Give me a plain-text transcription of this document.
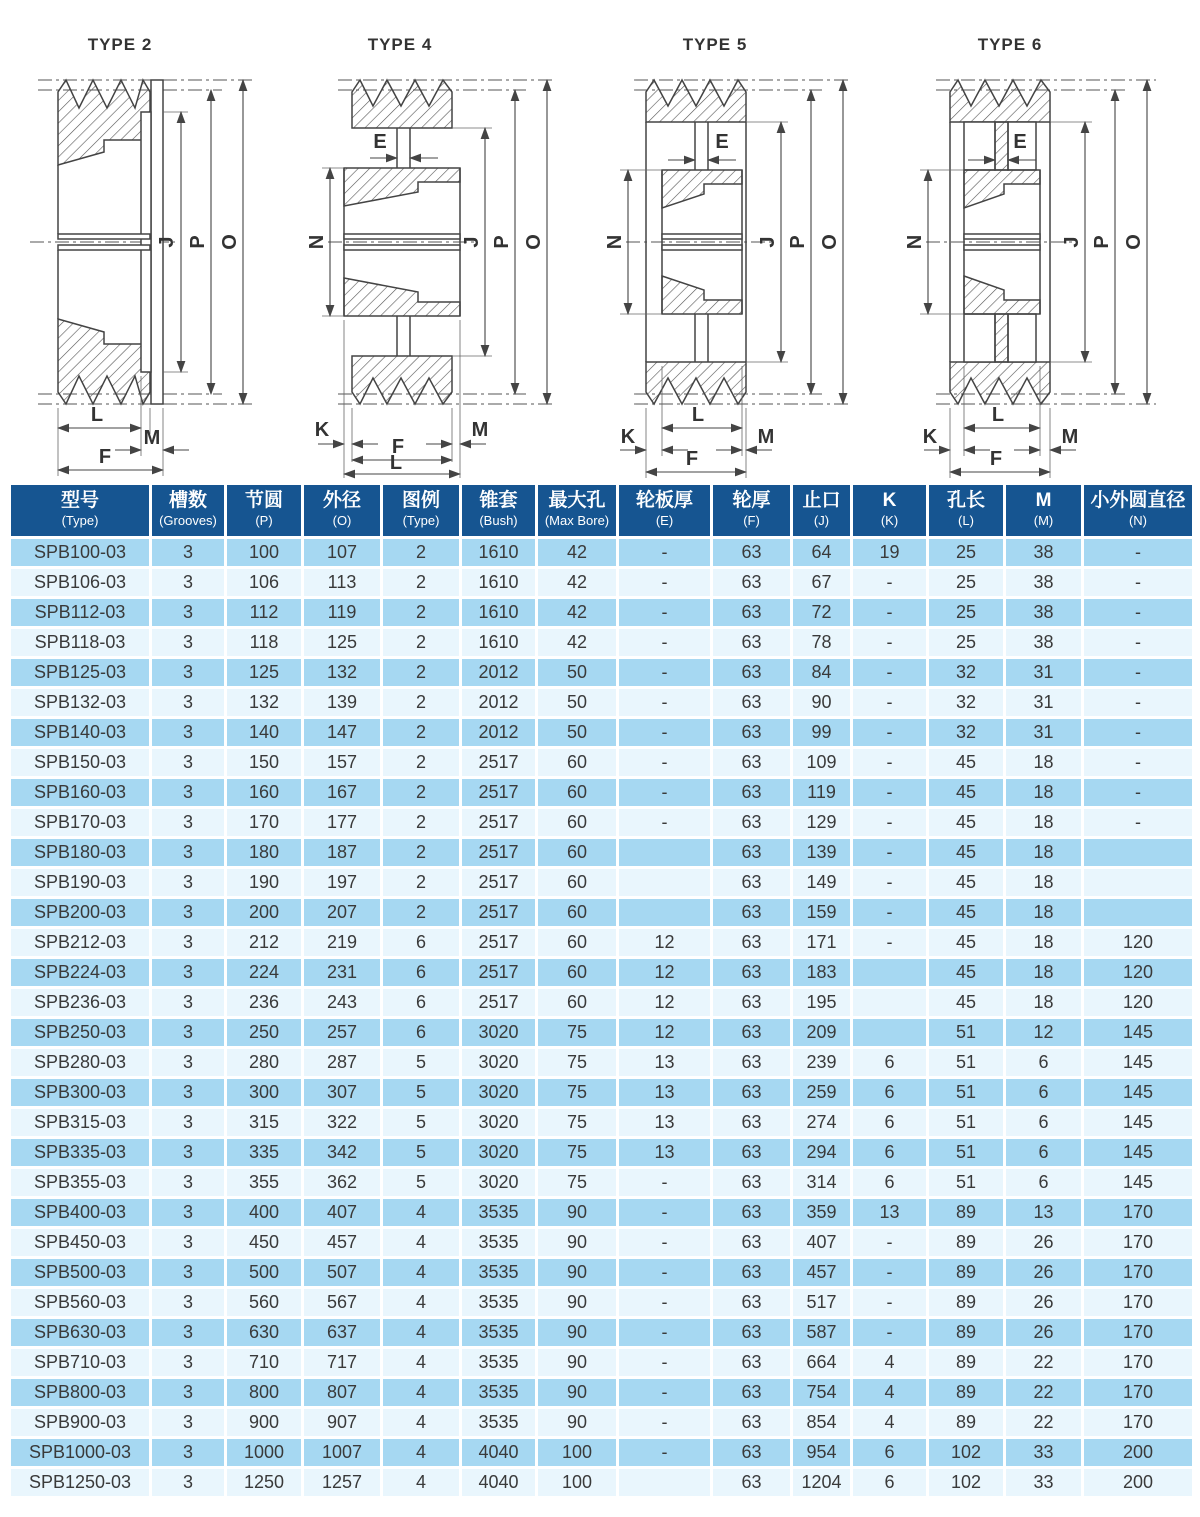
TYPE 2
J P O
L
M
F
TYPE 4
E
N	J P O
K	M
F
L
TYPE 5
E
N	J P O
L
K	M
F
TYPE 6
E
N	J P O
L
K	M
F
型号
(Type)

槽数
(Grooves)

节圆
(P)

外径
(O)

图例
(Type)

锥套
(Bush)

最大孔
(Max Bore)

轮板厚
(E)

轮厚
(F)

止口
(J)

K
(K)

孔长
(L)

M
(M)

小外圆直径
(N)

SPB100-03	3	100	107	2	1610	42	-	63	64	19	25	38	-
SPB106-03	3	106	113	2	1610	42	-	63	67	-	25	38	-
SPB112-03	3	112	119	2	1610	42	-	63	72	-	25	38	-
SPB118-03	3	118	125	2	1610	42	-	63	78	-	25	38	-
SPB125-03	3	125	132	2	2012	50	-	63	84	-	32	31	-
SPB132-03	3	132	139	2	2012	50	-	63	90	-	32	31	-
SPB140-03	3	140	147	2	2012	50	-	63	99	-	32	31	-
SPB150-03	3	150	157	2	2517	60	-	63	109	-	45	18	-
SPB160-03	3	160	167	2	2517	60	-	63	119	-	45	18	-
SPB170-03	3	170	177	2	2517	60	-	63	129	-	45	18	-
SPB180-03	3	180	187	2	2517	60		63	139	-	45	18	
SPB190-03	3	190	197	2	2517	60		63	149	-	45	18	
SPB200-03	3	200	207	2	2517	60		63	159	-	45	18	
SPB212-03	3	212	219	6	2517	60	12	63	171	-	45	18	120
SPB224-03	3	224	231	6	2517	60	12	63	183		45	18	120
SPB236-03	3	236	243	6	2517	60	12	63	195		45	18	120
SPB250-03	3	250	257	6	3020	75	12	63	209		51	12	145
SPB280-03	3	280	287	5	3020	75	13	63	239	6	51	6	145
SPB300-03	3	300	307	5	3020	75	13	63	259	6	51	6	145
SPB315-03	3	315	322	5	3020	75	13	63	274	6	51	6	145
SPB335-03	3	335	342	5	3020	75	13	63	294	6	51	6	145
SPB355-03	3	355	362	5	3020	75	-	63	314	6	51	6	145
SPB400-03	3	400	407	4	3535	90	-	63	359	13	89	13	170
SPB450-03	3	450	457	4	3535	90	-	63	407	-	89	26	170
SPB500-03	3	500	507	4	3535	90	-	63	457	-	89	26	170
SPB560-03	3	560	567	4	3535	90	-	63	517	-	89	26	170
SPB630-03	3	630	637	4	3535	90	-	63	587	-	89	26	170
SPB710-03	3	710	717	4	3535	90	-	63	664	4	89	22	170
SPB800-03	3	800	807	4	3535	90	-	63	754	4	89	22	170
SPB900-03	3	900	907	4	3535	90	-	63	854	4	89	22	170
SPB1000-03	3	1000	1007	4	4040	100	-	63	954	6	102	33	200
SPB1250-03	3	1250	1257	4	4040	100		63	1204	6	102	33	200
